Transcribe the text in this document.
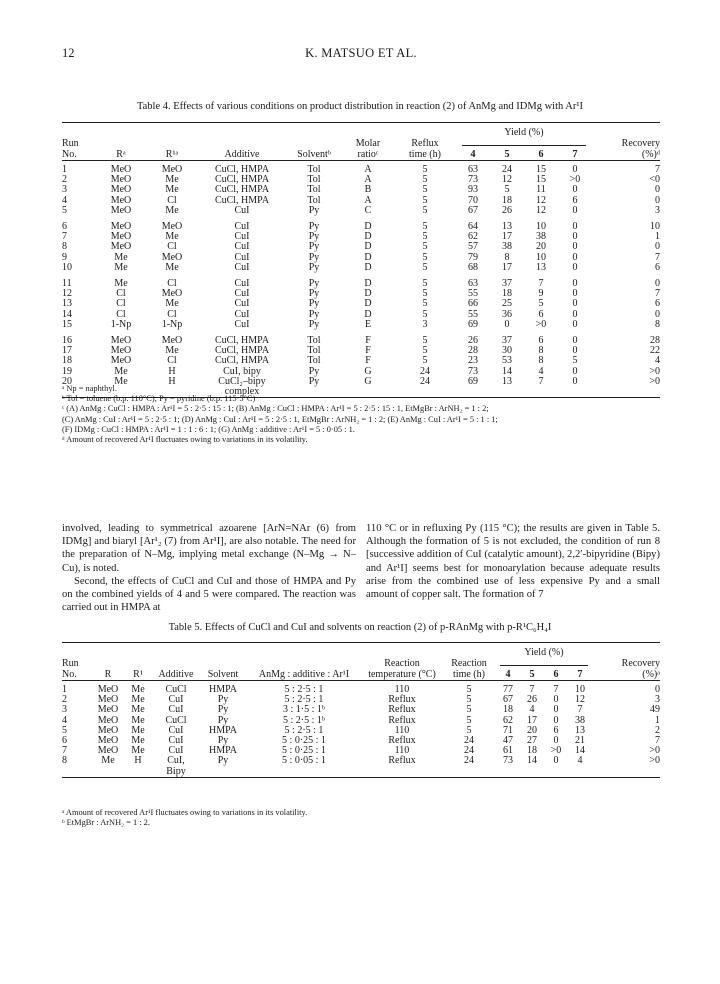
12	K. MATSUO ET AL.
Table 4. Effects of various conditions on product distribution in reaction (2) of AnMg and IDMg with Ar¹I

							Yield (%)				
Run					Molar	Reflux					Recovery
No.	Rᵃ	R¹ᵃ	Additive	Solventᵇ	ratioᶜ	time (h)	4	5	6	7	(%)ᵈ

1	MeO	MeO	CuCl, HMPA	Tol	A	5	63	24	15	0	7
2	MeO	Me	CuCl, HMPA	Tol	A	5	73	12	15	>0	<0
3	MeO	Me	CuCl, HMPA	Tol	B	5	93	5	11	0	0
4	MeO	Cl	CuCl, HMPA	Tol	A	5	70	18	12	6	0
5	MeO	Me	CuI	Py	C	5	67	26	12	0	3

6	MeO	MeO	CuI	Py	D	5	64	13	10	0	10
7	MeO	Me	CuI	Py	D	5	62	17	38	0	1
8	MeO	Cl	CuI	Py	D	5	57	38	20	0	0
9	Me	MeO	CuI	Py	D	5	79	8	10	0	7
10	Me	Me	CuI	Py	D	5	68	17	13	0	6

11	Me	Cl	CuI	Py	D	5	63	37	7	0	0
12	Cl	MeO	CuI	Py	D	5	55	18	9	0	7
13	Cl	Me	CuI	Py	D	5	66	25	5	0	6
14	Cl	Cl	CuI	Py	D	5	55	36	6	0	0
15	1-Np	1-Np	CuI	Py	E	3	69	0	>0	0	8

16	MeO	MeO	CuCl, HMPA	Tol	F	5	26	37	6	0	28
17	MeO	Me	CuCl, HMPA	Tol	F	5	28	30	8	0	22
18	MeO	Cl	CuCl, HMPA	Tol	F	5	23	53	8	5	4
19	Me	H	CuI, bipy	Py	G	24	73	14	4	0	>0
20	Me	H	CuCl₂–bipy	Py	G	24	69	13	7	0	>0
			complex								

ᵃ Np = naphthyl.
ᵇ Tol = toluene (b.p. 110°C); Py = pyridine (b.p. 115·5°C)
ᶜ (A) AnMg : CuCl : HMPA : Ar¹I = 5 : 2·5 : 15 : 1; (B) AnMg : CuCl : HMPA : Ar¹I = 5 : 2·5 : 15 : 1, EtMgBr : ArNH₂ = 1 : 2;
(C) AnMg : CuI : Ar¹I = 5 : 2·5 : 1; (D) AnMg : CuI : Ar¹I = 5 : 2·5 : 1, EtMgBr : ArNH₂ = 1 : 2; (E) AnMg : CuI : Ar¹I = 5 : 1 : 1;
(F) IDMg : CuCl : HMPA : Ar¹I = 1 : 1 : 6 : 1; (G) AnMg : additive : Ar¹I = 5 : 0·05 : 1.
ᵈ Amount of recovered Ar¹I fluctuates owing to variations in its volatility.

involved, leading to symmetrical azoarene [ArN=NAr (6) from IDMg] and biaryl [Ar¹₂ (7) from Ar¹I], are also notable. The need for the preparation of N–Mg, implying metal exchange (N–Mg → N–Cu), is noted.

Second, the effects of CuCl and CuI and those of HMPA and Py on the combined yields of 4 and 5 were compared. The reaction was carried out in HMPA at

110 °C or in refluxing Py (115 °C); the results are given in Table 5. Although the formation of 5 is not excluded, the condition of run 8 [successive addition of CuI (catalytic amount), 2,2′-bipyridine (Bipy) and Ar¹I] seems best for monoarylation because adequate results arise from the combined use of less expensive Py and a small amount of copper salt. The formation of 7

Table 5. Effects of CuCl and CuI and solvents on reaction (2) of p-RAnMg with p-R¹C₆H₄I

								Yield (%)				
Run						Reaction	Reaction					Recovery
No.	R	R¹	Additive	Solvent	AnMg : additive : Ar¹I	temperature (°C)	time (h)	4	5	6	7	(%)ᵃ

1	MeO	Me	CuCl	HMPA	5 : 2·5 : 1	110	5	77	7	7	10	0
2	MeO	Me	CuI	Py	5 : 2·5 : 1	Reflux	5	67	26	0	12	3
3	MeO	Me	CuI	Py	3 : 1·5 : 1ᵇ	Reflux	5	18	4	0	7	49
4	MeO	Me	CuCl	Py	5 : 2·5 : 1ᵇ	Reflux	5	62	17	0	38	1
5	MeO	Me	CuI	HMPA	5 : 2·5 : 1	110	5	71	20	6	13	2
6	MeO	Me	CuI	Py	5 : 0·25 : 1	Reflux	24	47	27	0	21	7
7	MeO	Me	CuI	HMPA	5 : 0·25 : 1	110	24	61	18	>0	14	>0
8	Me	H	CuI,	Py	5 : 0·05 : 1	Reflux	24	73	14	0	4	>0
			Bipy									

ᵃ Amount of recovered Ar¹I fluctuates owing to variations in its volatility.
ᵇ EtMgBr : ArNH₂ = 1 : 2.
